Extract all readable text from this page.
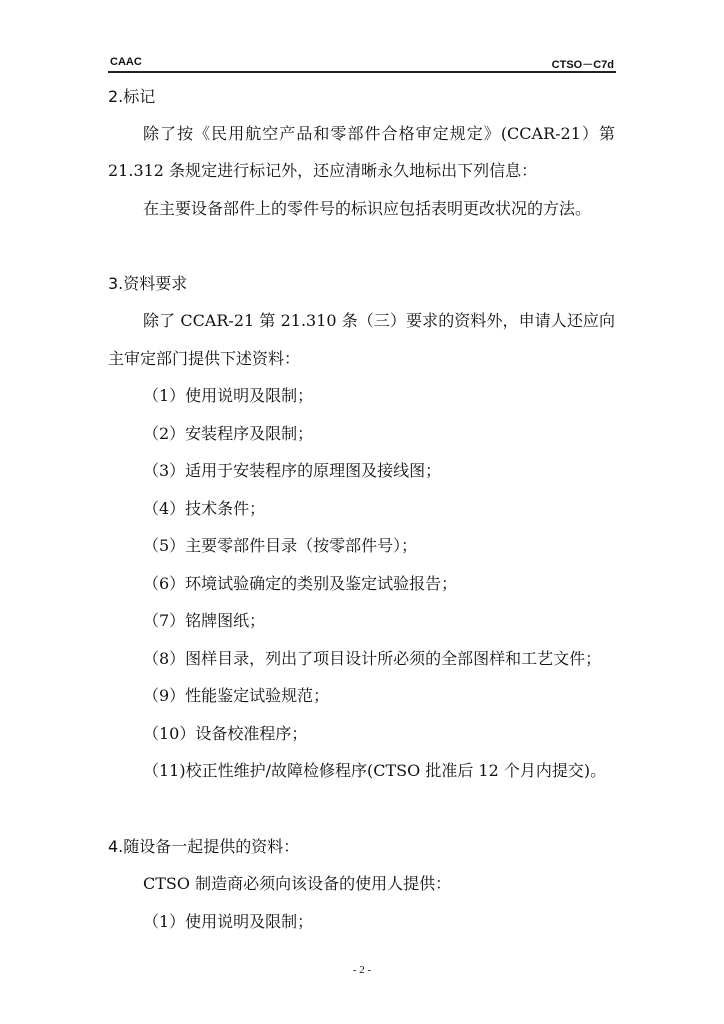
CAAC	CTSO－C7d
2.标记
除了按《民用航空产品和零部件合格审定规定》(CCAR-21）第
21.312 条规定进行标记外，还应清晰永久地标出下列信息：
在主要设备部件上的零件号的标识应包括表明更改状况的方法。
3.资料要求
除了 CCAR-21 第 21.310 条（三）要求的资料外，申请人还应向
主审定部门提供下述资料：
（1）使用说明及限制；
（2）安装程序及限制；
（3）适用于安装程序的原理图及接线图；
（4）技术条件；
（5）主要零部件目录（按零部件号）；
（6）环境试验确定的类别及鉴定试验报告；
（7）铭牌图纸；
（8）图样目录，列出了项目设计所必须的全部图样和工艺文件；
（9）性能鉴定试验规范；
（10）设备校准程序；
（11)校正性维护/故障检修程序(CTSO 批准后 12 个月内提交)。
4.随设备一起提供的资料：
CTSO 制造商必须向该设备的使用人提供：
（1）使用说明及限制；
- 2 -
